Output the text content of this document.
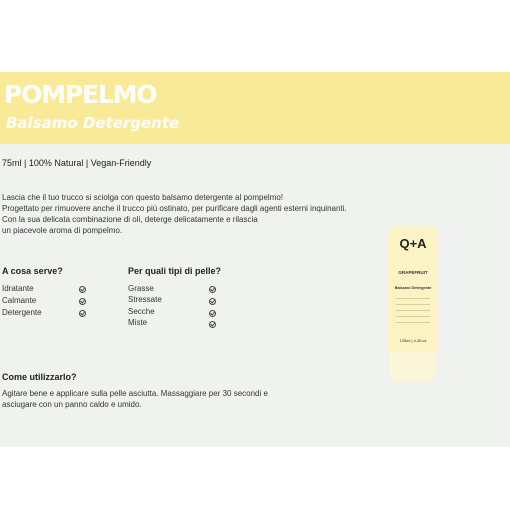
POMPELMO
Balsamo Detergente
75ml | 100% Natural | Vegan-Friendly
Lascia che il tuo trucco si sciolga con questo balsamo detergente al pompelmo!
Progettato per rimuovere anche il trucco più ostinato, per purificare dagli agenti esterni inquinanti.
Con la sua delicata combinazione di oli, deterge delicatamente e rilascia
un piacevole aroma di pompelmo.
A cosa serve?	Per quali tipi di pelle?
Idratante
Calmante
Detergente
Grasse
Stressate
Secche
Miste
Come utilizzarlo?
Agitare bene e applicare sulla pelle asciutta. Massaggiare per 30 secondi e
asciugare con un panno caldo e umido.
Q+A
GRAPEFRUIT
Balsamo Detergente
125ml | 4.2fl.oz
